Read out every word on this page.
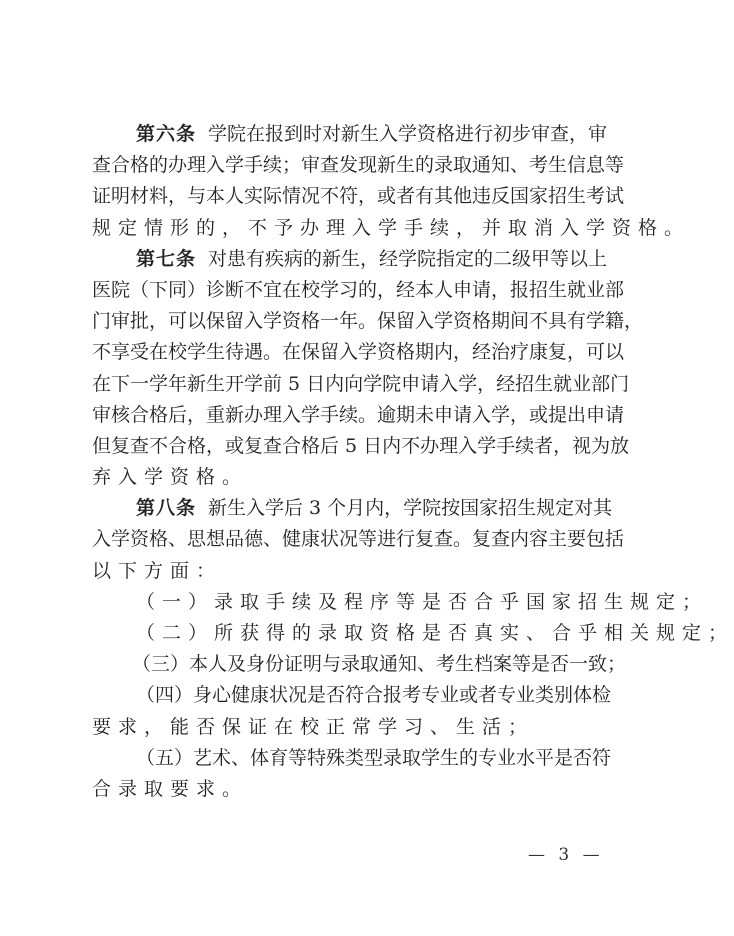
第六条 学院在报到时对新生入学资格进行初步审查，审
查合格的办理入学手续；审查发现新生的录取通知、考生信息等
证明材料，与本人实际情况不符，或者有其他违反国家招生考试
规定情形的，不予办理入学手续，并取消入学资格。
第七条 对患有疾病的新生，经学院指定的二级甲等以上
医院（下同）诊断不宜在校学习的，经本人申请，报招生就业部
门审批，可以保留入学资格一年。保留入学资格期间不具有学籍，
不享受在校学生待遇。在保留入学资格期内，经治疗康复，可以
在下一学年新生开学前 5 日内向学院申请入学，经招生就业部门
审核合格后，重新办理入学手续。逾期未申请入学，或提出申请
但复查不合格，或复查合格后 5 日内不办理入学手续者，视为放
弃入学资格。
第八条 新生入学后 3 个月内，学院按国家招生规定对其
入学资格、思想品德、健康状况等进行复查。复查内容主要包括
以下方面：
（一）录取手续及程序等是否合乎国家招生规定；
（二）所获得的录取资格是否真实、合乎相关规定；
（三）本人及身份证明与录取通知、考生档案等是否一致；
（四）身心健康状况是否符合报考专业或者专业类别体检
要求，能否保证在校正常学习、生活；
（五）艺术、体育等特殊类型录取学生的专业水平是否符
合录取要求。
— 3 —
